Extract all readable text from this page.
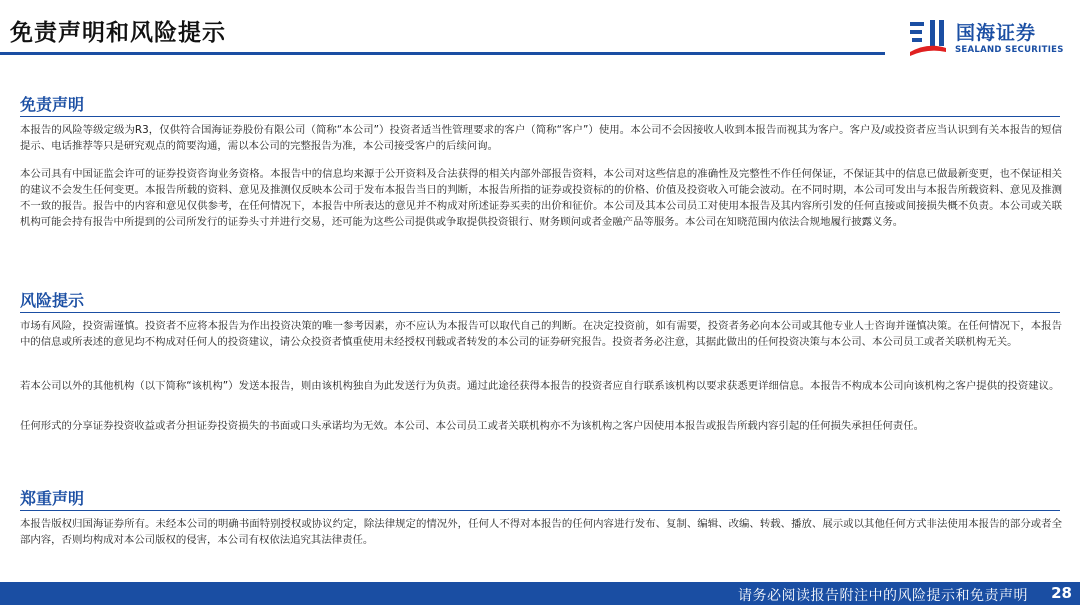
免责声明和风险提示	国海证券
SEALAND SECURITIES
免责声明
本报告的风险等级定级为R3，仅供符合国海证券股份有限公司（简称“本公司”）投资者适当性管理要求的客户（简称“客户”）使用。本公司不会因接收人收到本报告而视其为客户。客户及/或投资者应当认识到有关本报告的短信提示、电话推荐等只是研究观点的简要沟通，需以本公司的完整报告为准，本公司接受客户的后续问询。
本公司具有中国证监会许可的证券投资咨询业务资格。本报告中的信息均来源于公开资料及合法获得的相关内部外部报告资料，本公司对这些信息的准确性及完整性不作任何保证，不保证其中的信息已做最新变更，也不保证相关的建议不会发生任何变更。本报告所载的资料、意见及推测仅反映本公司于发布本报告当日的判断，本报告所指的证券或投资标的的价格、价值及投资收入可能会波动。在不同时期，本公司可发出与本报告所载资料、意见及推测不一致的报告。报告中的内容和意见仅供参考，在任何情况下，本报告中所表达的意见并不构成对所述证券买卖的出价和征价。本公司及其本公司员工对使用本报告及其内容所引发的任何直接或间接损失概不负责。本公司或关联机构可能会持有报告中所提到的公司所发行的证券头寸并进行交易，还可能为这些公司提供或争取提供投资银行、财务顾问或者金融产品等服务。本公司在知晓范围内依法合规地履行披露义务。
风险提示
市场有风险，投资需谨慎。投资者不应将本报告为作出投资决策的唯一参考因素，亦不应认为本报告可以取代自己的判断。在决定投资前，如有需要，投资者务必向本公司或其他专业人士咨询并谨慎决策。在任何情况下，本报告中的信息或所表述的意见均不构成对任何人的投资建议，请公众投资者慎重使用未经授权刊载或者转发的本公司的证券研究报告。投资者务必注意，其据此做出的任何投资决策与本公司、本公司员工或者关联机构无关。
若本公司以外的其他机构（以下简称“该机构”）发送本报告，则由该机构独自为此发送行为负责。通过此途径获得本报告的投资者应自行联系该机构以要求获悉更详细信息。本报告不构成本公司向该机构之客户提供的投资建议。
任何形式的分享证券投资收益或者分担证券投资损失的书面或口头承诺均为无效。本公司、本公司员工或者关联机构亦不为该机构之客户因使用本报告或报告所载内容引起的任何损失承担任何责任。
郑重声明
本报告版权归国海证券所有。未经本公司的明确书面特别授权或协议约定，除法律规定的情况外，任何人不得对本报告的任何内容进行发布、复制、编辑、改编、转载、播放、展示或以其他任何方式非法使用本报告的部分或者全部内容，否则均构成对本公司版权的侵害，本公司有权依法追究其法律责任。
请务必阅读报告附注中的风险提示和免责声明 28
